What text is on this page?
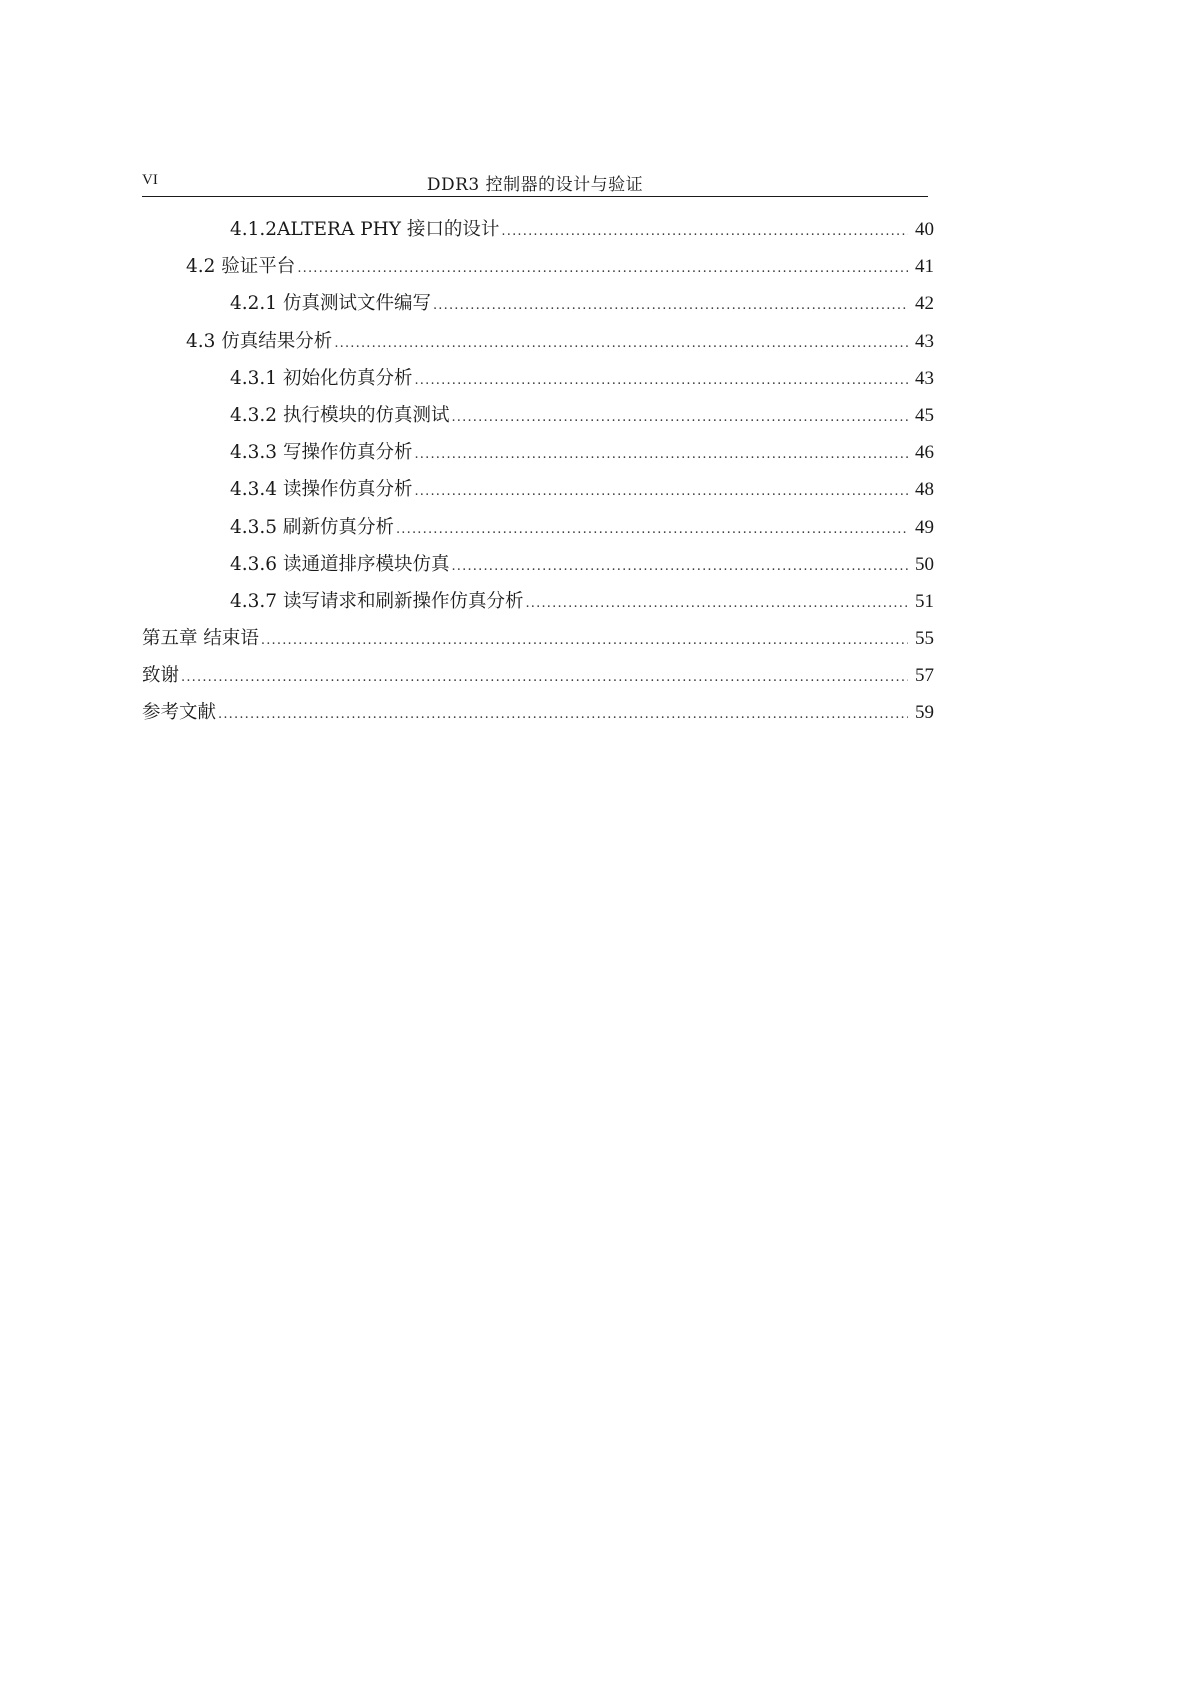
VI	DDR3 控制器的设计与验证
4.1.2ALTERA PHY 接口的设计 .....	40
4.2 验证平台 .....	41
4.2.1 仿真测试文件编写 .....	42
4.3 仿真结果分析 .....	43
4.3.1 初始化仿真分析 .....	43
4.3.2 执行模块的仿真测试 .....	45
4.3.3 写操作仿真分析 .....	46
4.3.4 读操作仿真分析 .....	48
4.3.5 刷新仿真分析 .....	49
4.3.6 读通道排序模块仿真 .....	50
4.3.7 读写请求和刷新操作仿真分析 .....	51
第五章 结束语 .....	55
致谢 .....	57
参考文献 .....	59
